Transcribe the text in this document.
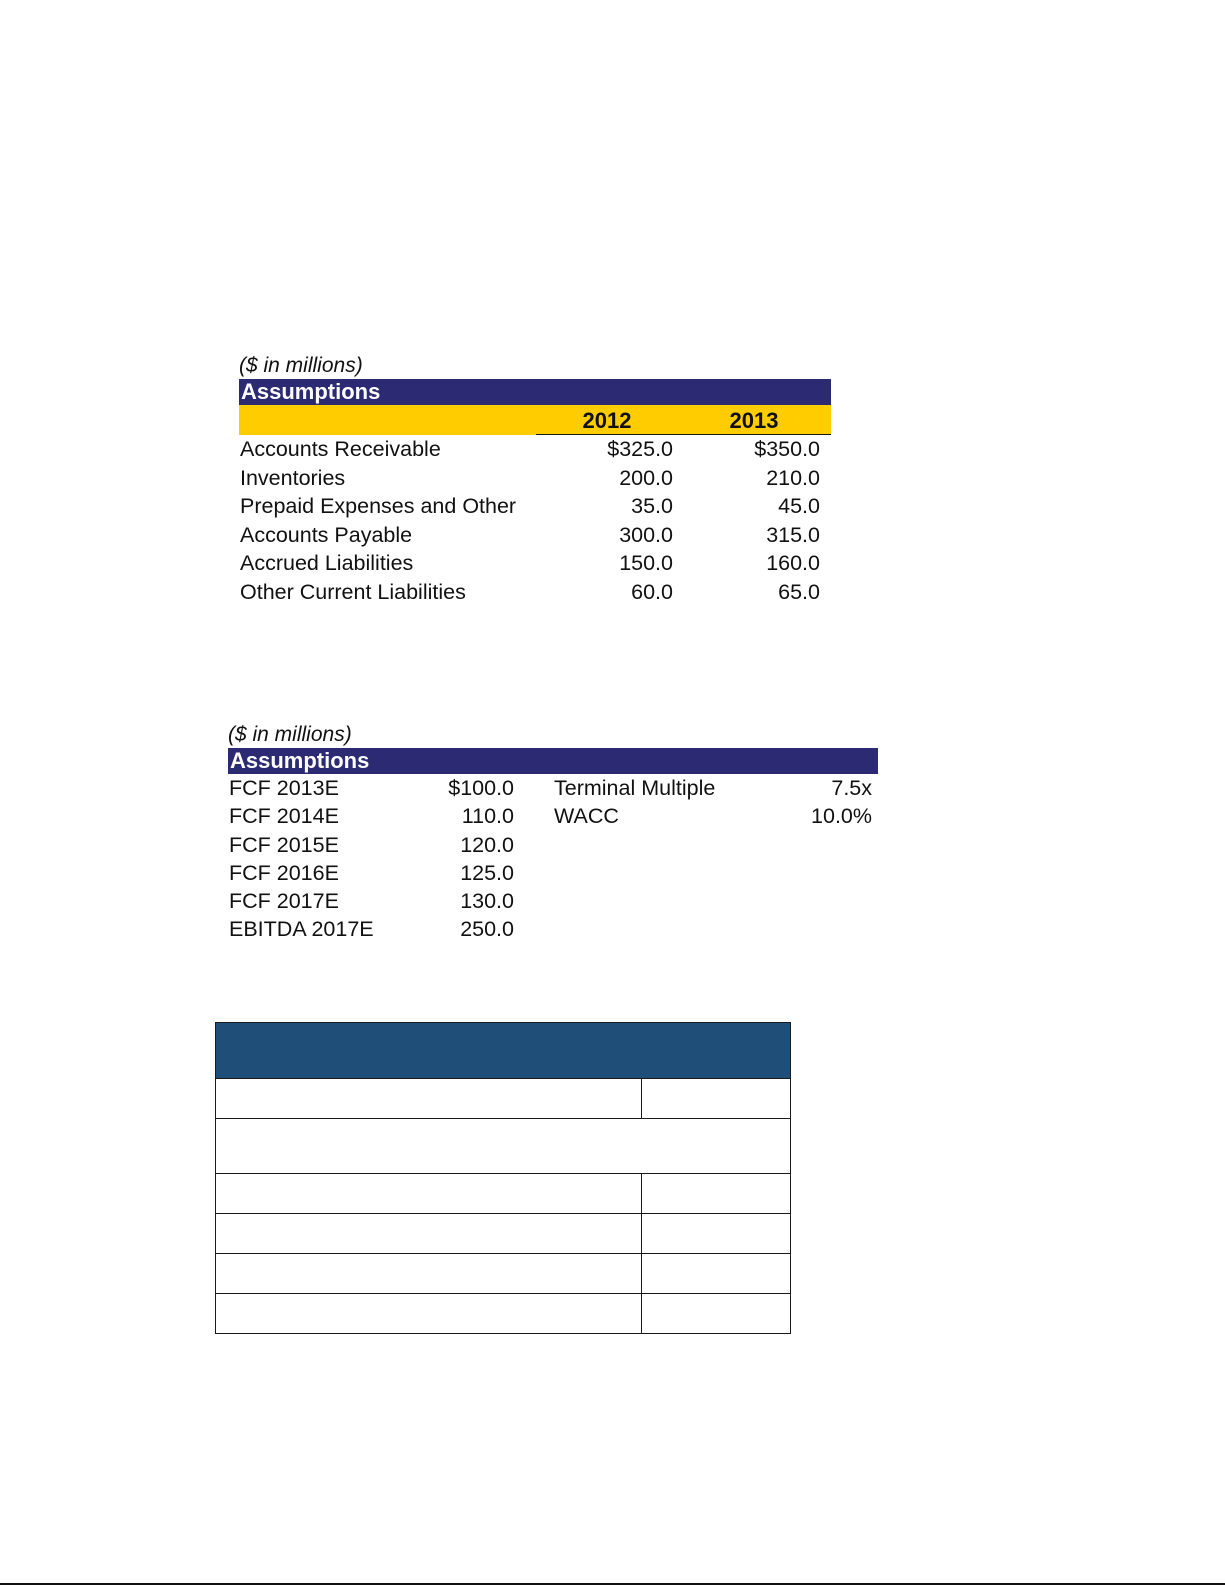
($ in millions)
Assumptions
2012	2013
Accounts Receivable	$325.0	$350.0
Inventories	200.0	210.0
Prepaid Expenses and Other	35.0	45.0
Accounts Payable	300.0	315.0
Accrued Liabilities	150.0	160.0
Other Current Liabilities	60.0	65.0
($ in millions)
Assumptions
FCF 2013E	$100.0 Terminal Multiple	7.5x
FCF 2014E	110.0 WACC	10.0%
FCF 2015E	120.0
FCF 2016E	125.0
FCF 2017E	130.0
EBITDA 2017E	250.0
